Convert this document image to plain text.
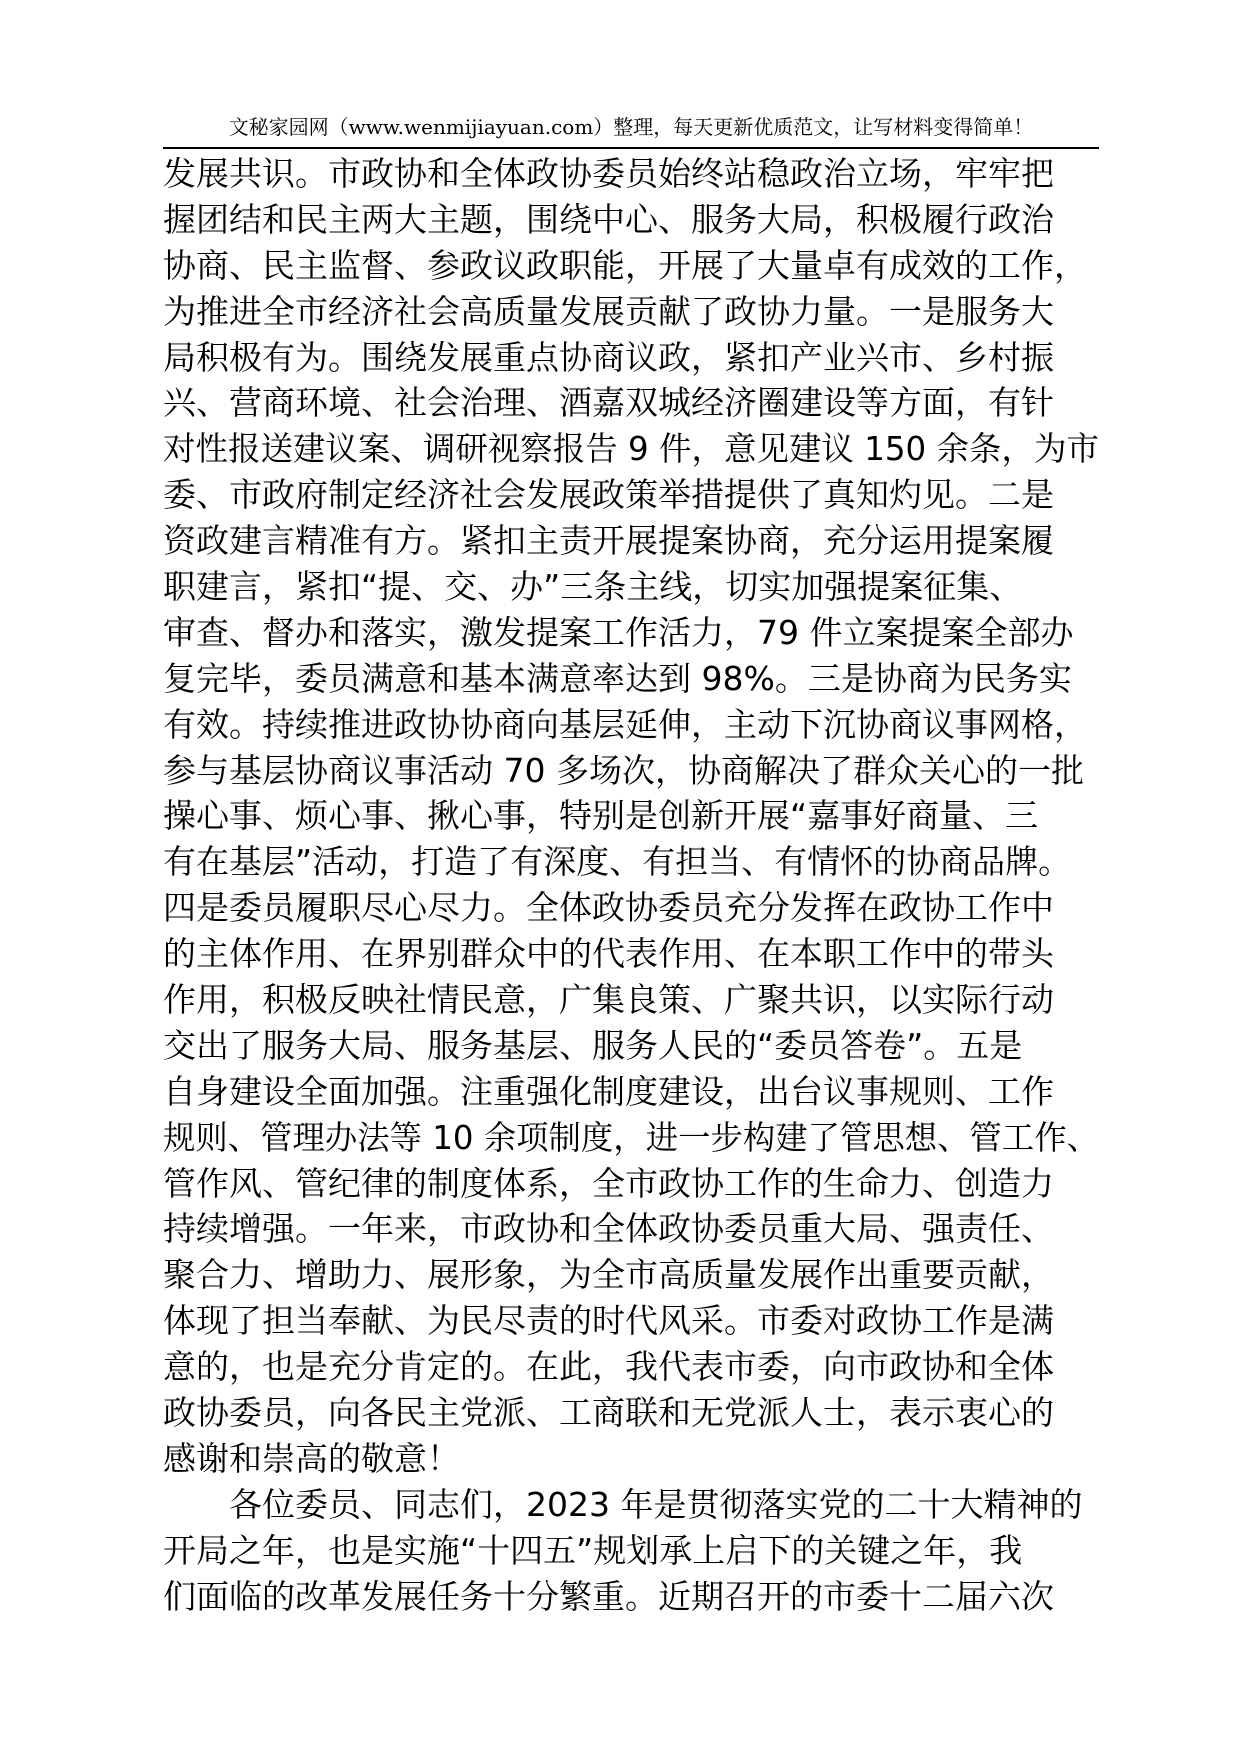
文秘家园网（www.wenmijiayuan.com）整理，每天更新优质范文，让写材料变得简单！
发展共识。市政协和全体政协委员始终站稳政治立场，牢牢把
握团结和民主两大主题，围绕中心、服务大局，积极履行政治
协商、民主监督、参政议政职能，开展了大量卓有成效的工作，
为推进全市经济社会高质量发展贡献了政协力量。一是服务大
局积极有为。围绕发展重点协商议政，紧扣产业兴市、乡村振
兴、营商环境、社会治理、酒嘉双城经济圈建设等方面，有针
对性报送建议案、调研视察报告 9 件，意见建议 150 余条，为市
委、市政府制定经济社会发展政策举措提供了真知灼见。二是
资政建言精准有方。紧扣主责开展提案协商，充分运用提案履
职建言，紧扣“提、交、办”三条主线，切实加强提案征集、
审查、督办和落实，激发提案工作活力，79 件立案提案全部办
复完毕，委员满意和基本满意率达到 98%。三是协商为民务实
有效。持续推进政协协商向基层延伸，主动下沉协商议事网格，
参与基层协商议事活动 70 多场次，协商解决了群众关心的一批
操心事、烦心事、揪心事，特别是创新开展“嘉事好商量、三
有在基层”活动，打造了有深度、有担当、有情怀的协商品牌。
四是委员履职尽心尽力。全体政协委员充分发挥在政协工作中
的主体作用、在界别群众中的代表作用、在本职工作中的带头
作用，积极反映社情民意，广集良策、广聚共识，以实际行动
交出了服务大局、服务基层、服务人民的“委员答卷”。五是
自身建设全面加强。注重强化制度建设，出台议事规则、工作
规则、管理办法等 10 余项制度，进一步构建了管思想、管工作、
管作风、管纪律的制度体系，全市政协工作的生命力、创造力
持续增强。一年来，市政协和全体政协委员重大局、强责任、
聚合力、增助力、展形象，为全市高质量发展作出重要贡献，
体现了担当奉献、为民尽责的时代风采。市委对政协工作是满
意的，也是充分肯定的。在此，我代表市委，向市政协和全体
政协委员，向各民主党派、工商联和无党派人士，表示衷心的
感谢和崇高的敬意！
各位委员、同志们，2023 年是贯彻落实党的二十大精神的
开局之年，也是实施“十四五”规划承上启下的关键之年，我
们面临的改革发展任务十分繁重。近期召开的市委十二届六次
